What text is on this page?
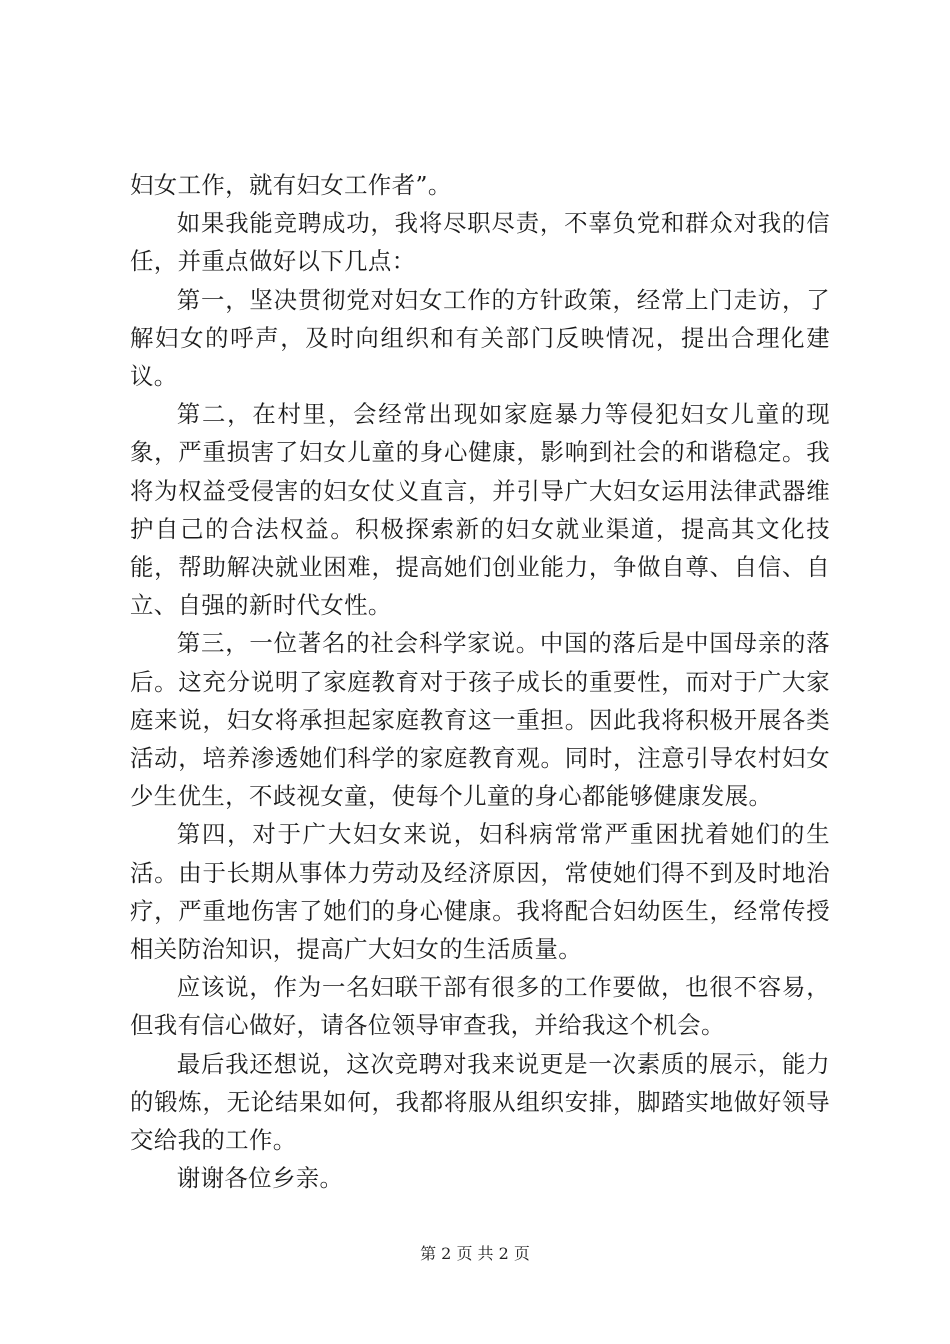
妇女工作，就有妇女工作者”。

如果我能竞聘成功，我将尽职尽责，不辜负党和群众对我的信任，并重点做好以下几点：

第一，坚决贯彻党对妇女工作的方针政策，经常上门走访，了解妇女的呼声，及时向组织和有关部门反映情况，提出合理化建议。

第二，在村里，会经常出现如家庭暴力等侵犯妇女儿童的现象，严重损害了妇女儿童的身心健康，影响到社会的和谐稳定。我将为权益受侵害的妇女仗义直言，并引导广大妇女运用法律武器维护自己的合法权益。积极探索新的妇女就业渠道，提高其文化技能，帮助解决就业困难，提高她们创业能力，争做自尊、自信、自立、自强的新时代女性。

第三，一位著名的社会科学家说。中国的落后是中国母亲的落后。这充分说明了家庭教育对于孩子成长的重要性，而对于广大家庭来说，妇女将承担起家庭教育这一重担。因此我将积极开展各类活动，培养渗透她们科学的家庭教育观。同时，注意引导农村妇女少生优生，不歧视女童，使每个儿童的身心都能够健康发展。

第四，对于广大妇女来说，妇科病常常严重困扰着她们的生活。由于长期从事体力劳动及经济原因，常使她们得不到及时地治疗，严重地伤害了她们的身心健康。我将配合妇幼医生，经常传授相关防治知识，提高广大妇女的生活质量。

应该说，作为一名妇联干部有很多的工作要做，也很不容易，但我有信心做好，请各位领导审查我，并给我这个机会。

最后我还想说，这次竞聘对我来说更是一次素质的展示，能力的锻炼，无论结果如何，我都将服从组织安排，脚踏实地做好领导交给我的工作。

谢谢各位乡亲。

第 2 页 共 2 页
